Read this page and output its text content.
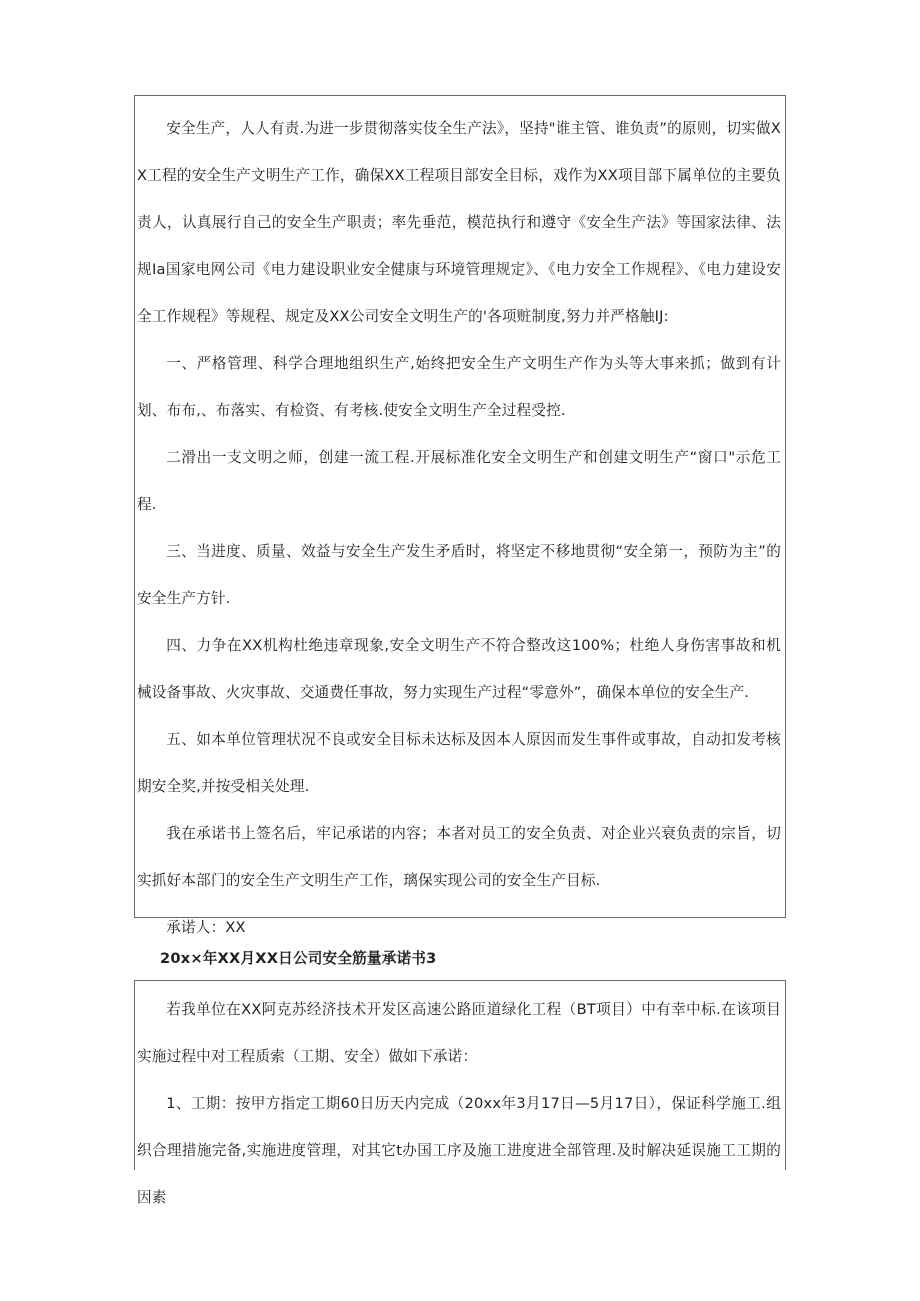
安全生产，人人有责.为进一步贯彻落实伎全生产法》，坚持"谁主管、谁负责”的原则，切实做XX工程的安全生产文明生产工作，确保XX工程项目部安全目标，戏作为XX项目部下属单位的主要负责人，认真展行自己的安全生产职责；率先垂范，模范执行和遵守《安全生产法》等国家法律、法规Ia国家电网公司《电力建设职业安全健康与环境管理规定》、《电力安全工作规程》、《电力建设安全工作规程》等规程、规定及XX公司安全文明生产的'各项赃制度,努力并严格触IJ:

一、严格管理、科学合理地组织生产,始终把安全生产文明生产作为头等大事来抓；做到有计划、布布,、布落实、有检资、有考核.使安全文明生产全过程受控.

二滑出一支文明之师，创建一流工程.开展标准化安全文明生产和创建文明生产“窗口"示危工程.

三、当进度、质量、效益与安全生产发生矛盾时，将坚定不移地贯彻“安全第一，预防为主”的安全生产方针.

四、力争在XX机构杜绝违章现象,安全文明生产不符合整改这100%；杜绝人身伤害事故和机械设备事故、火灾事故、交通费任事故，努力实现生产过程“零意外”，确保本单位的安全生产.

五、如本单位管理状况不良或安全目标未达标及因本人原因而发生事件或事故，自动扣发考核期安全奖,并按受相关处理.

我在承诺书上签名后，牢记承诺的内容；本者对员工的安全负责、对企业兴衰负责的宗旨，切实抓好本部门的安全生产文明生产工作，璃保实现公司的安全生产目标.

承诺人：XX

20x×年XX月XX日公司安全筋量承诺书3

若我单位在XX阿克苏经济技术开发区高速公路匝道绿化工程（BT项目）中有幸中标.在该项目实施过程中对工程质索（工期、安全）做如下承诺：

1、工期：按甲方指定工期60日历天内完成（20xx年3月17日—5月17日），保证科学施工.组织合理措施完备,实施进度管理，对其它t办国工序及施工进度进全部管理.及时解决延误施工工期的因素
